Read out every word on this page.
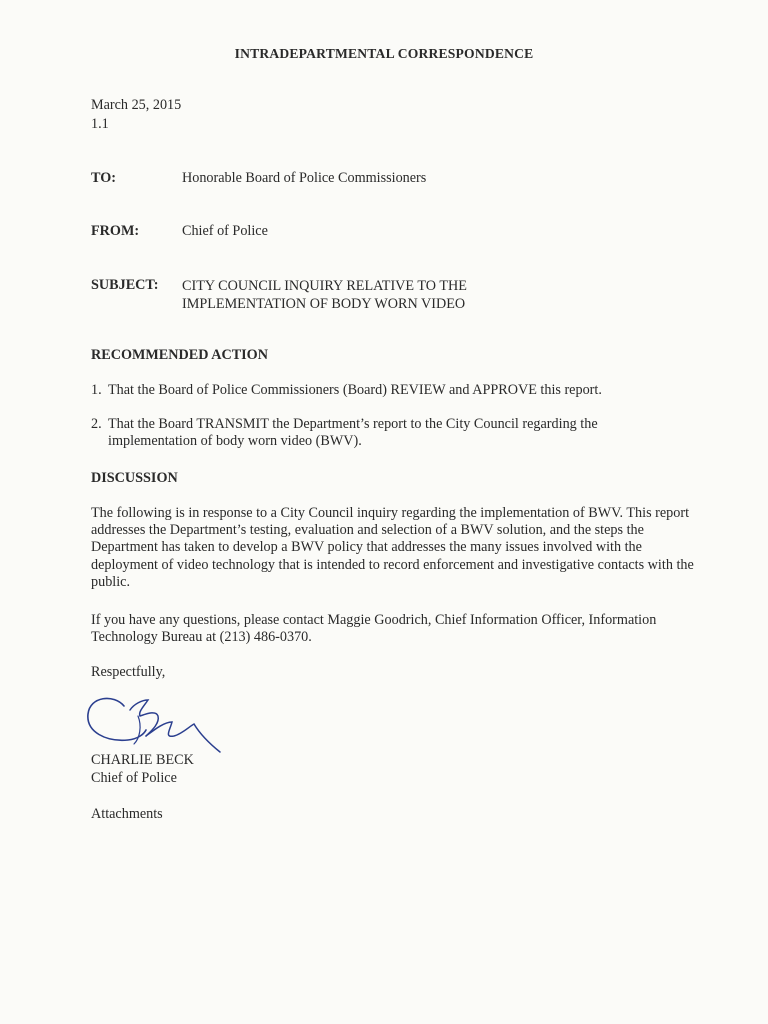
INTRADEPARTMENTAL CORRESPONDENCE
March 25, 2015
1.1
TO:	Honorable Board of Police Commissioners
FROM:	Chief of Police
SUBJECT: CITY COUNCIL INQUIRY RELATIVE TO THE
IMPLEMENTATION OF BODY WORN VIDEO
RECOMMENDED ACTION
1. That the Board of Police Commissioners (Board) REVIEW and APPROVE this report.
2. That the Board TRANSMIT the Department’s report to the City Council regarding the implementation of body worn video (BWV).
DISCUSSION
The following is in response to a City Council inquiry regarding the implementation of BWV. This report addresses the Department’s testing, evaluation and selection of a BWV solution, and the steps the Department has taken to develop a BWV policy that addresses the many issues involved with the deployment of video technology that is intended to record enforcement and investigative contacts with the public.
If you have any questions, please contact Maggie Goodrich, Chief Information Officer, Information Technology Bureau at (213) 486-0370.
Respectfully,
CHARLIE BECK
Chief of Police
Attachments
